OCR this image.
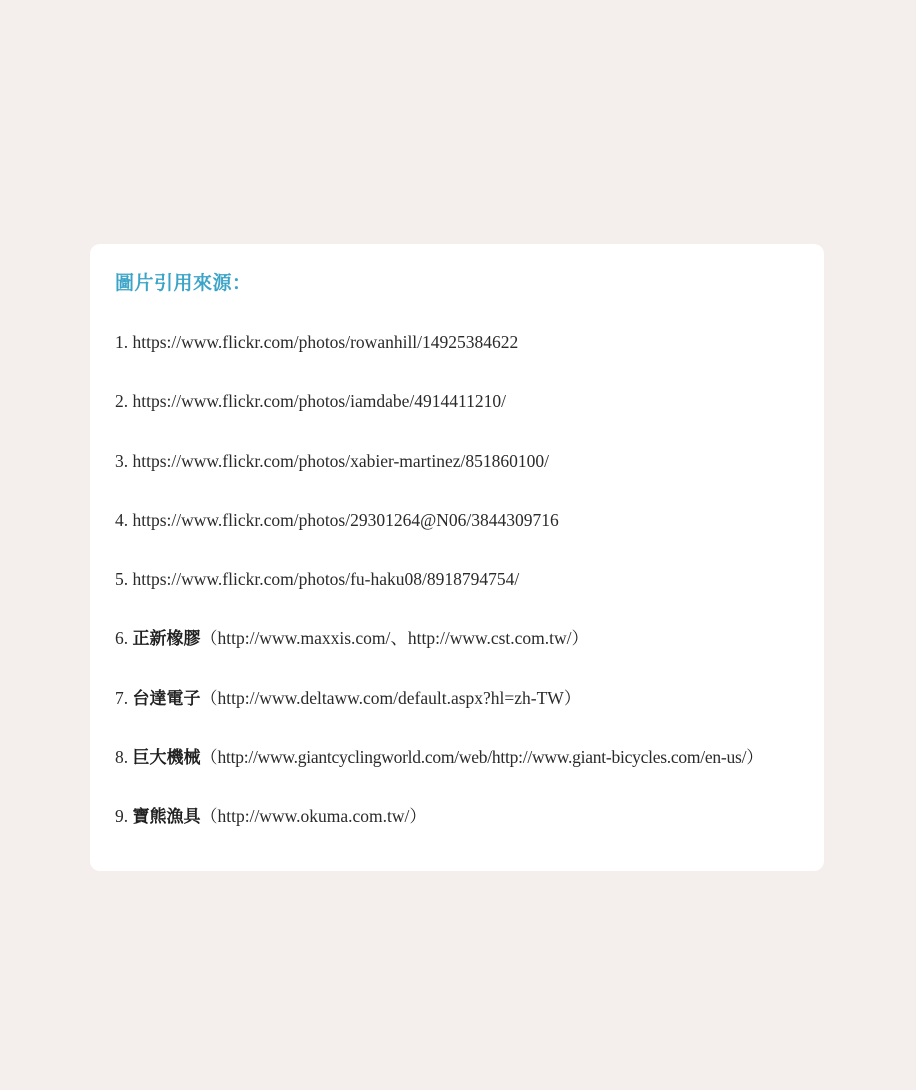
圖片引用來源：
1. https://www.flickr.com/photos/rowanhill/14925384622
2. https://www.flickr.com/photos/iamdabe/4914411210/
3. https://www.flickr.com/photos/xabier-martinez/851860100/
4. https://www.flickr.com/photos/29301264@N06/3844309716
5. https://www.flickr.com/photos/fu-haku08/8918794754/
6. 正新橡膠（http://www.maxxis.com/、http://www.cst.com.tw/）
7. 台達電子（http://www.deltaww.com/default.aspx?hl=zh-TW）
8. 巨大機械（http://www.giantcyclingworld.com/web/http://www.giant-bicycles.com/en-us/）
9. 寶熊漁具（http://www.okuma.com.tw/）
